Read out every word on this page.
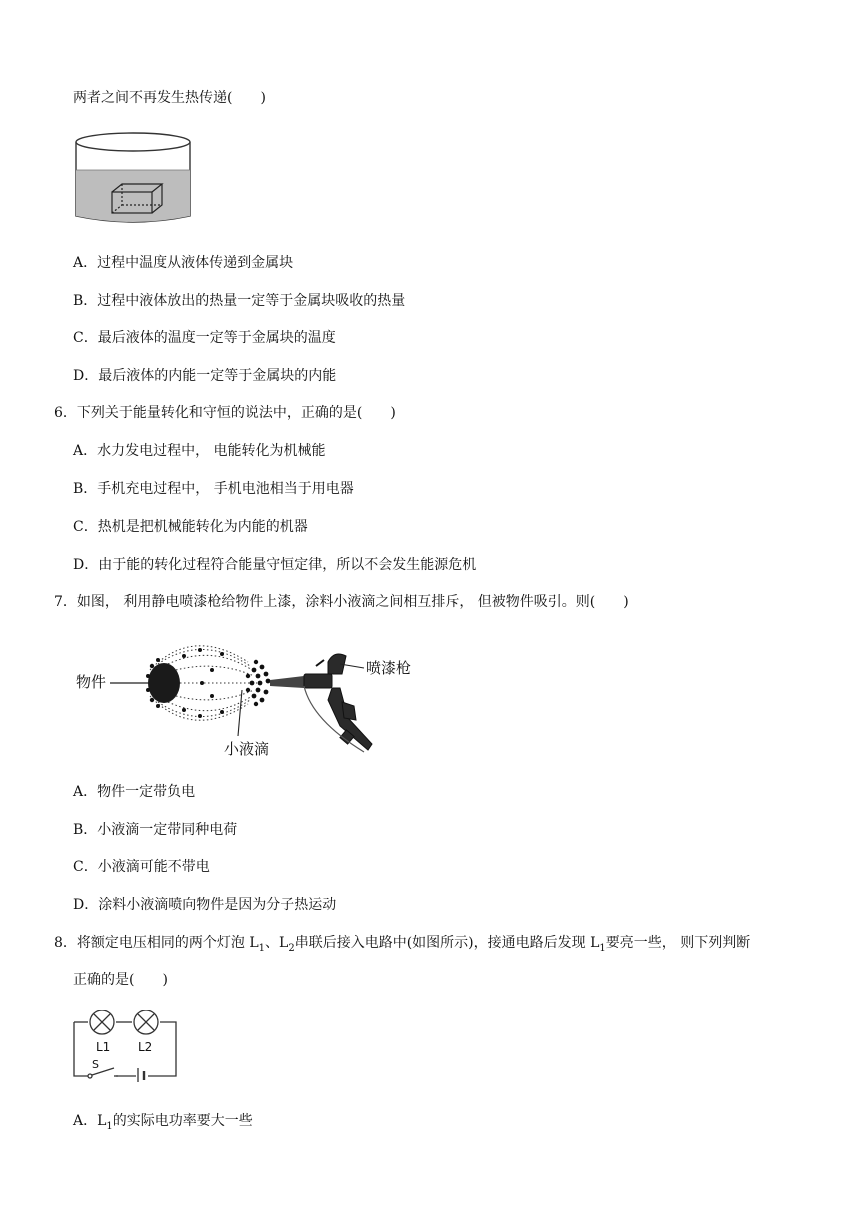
两者之间不再发生热传递(　　)
A．过程中温度从液体传递到金属块
B．过程中液体放出的热量一定等于金属块吸收的热量
C．最后液体的温度一定等于金属块的温度
D．最后液体的内能一定等于金属块的内能
6．下列关于能量转化和守恒的说法中，正确的是(　　)
A．水力发电过程中， 电能转化为机械能
B．手机充电过程中， 手机电池相当于用电器
C．热机是把机械能转化为内能的机器
D．由于能的转化过程符合能量守恒定律，所以不会发生能源危机
7．如图， 利用静电喷漆枪给物件上漆，涂料小液滴之间相互排斥， 但被物件吸引。则(　　)
物件
喷漆枪
小液滴
A．物件一定带负电
B．小液滴一定带同种电荷
C．小液滴可能不带电
D．涂料小液滴喷向物件是因为分子热运动
8．将额定电压相同的两个灯泡 $L_1$、$L_2$串联后接入电路中(如图所示)，接通电路后发现 $L_1$要亮一些， 则下列判断
正确的是(　　)
L1 L2
S
A．$L_1$的实际电功率要大一些
